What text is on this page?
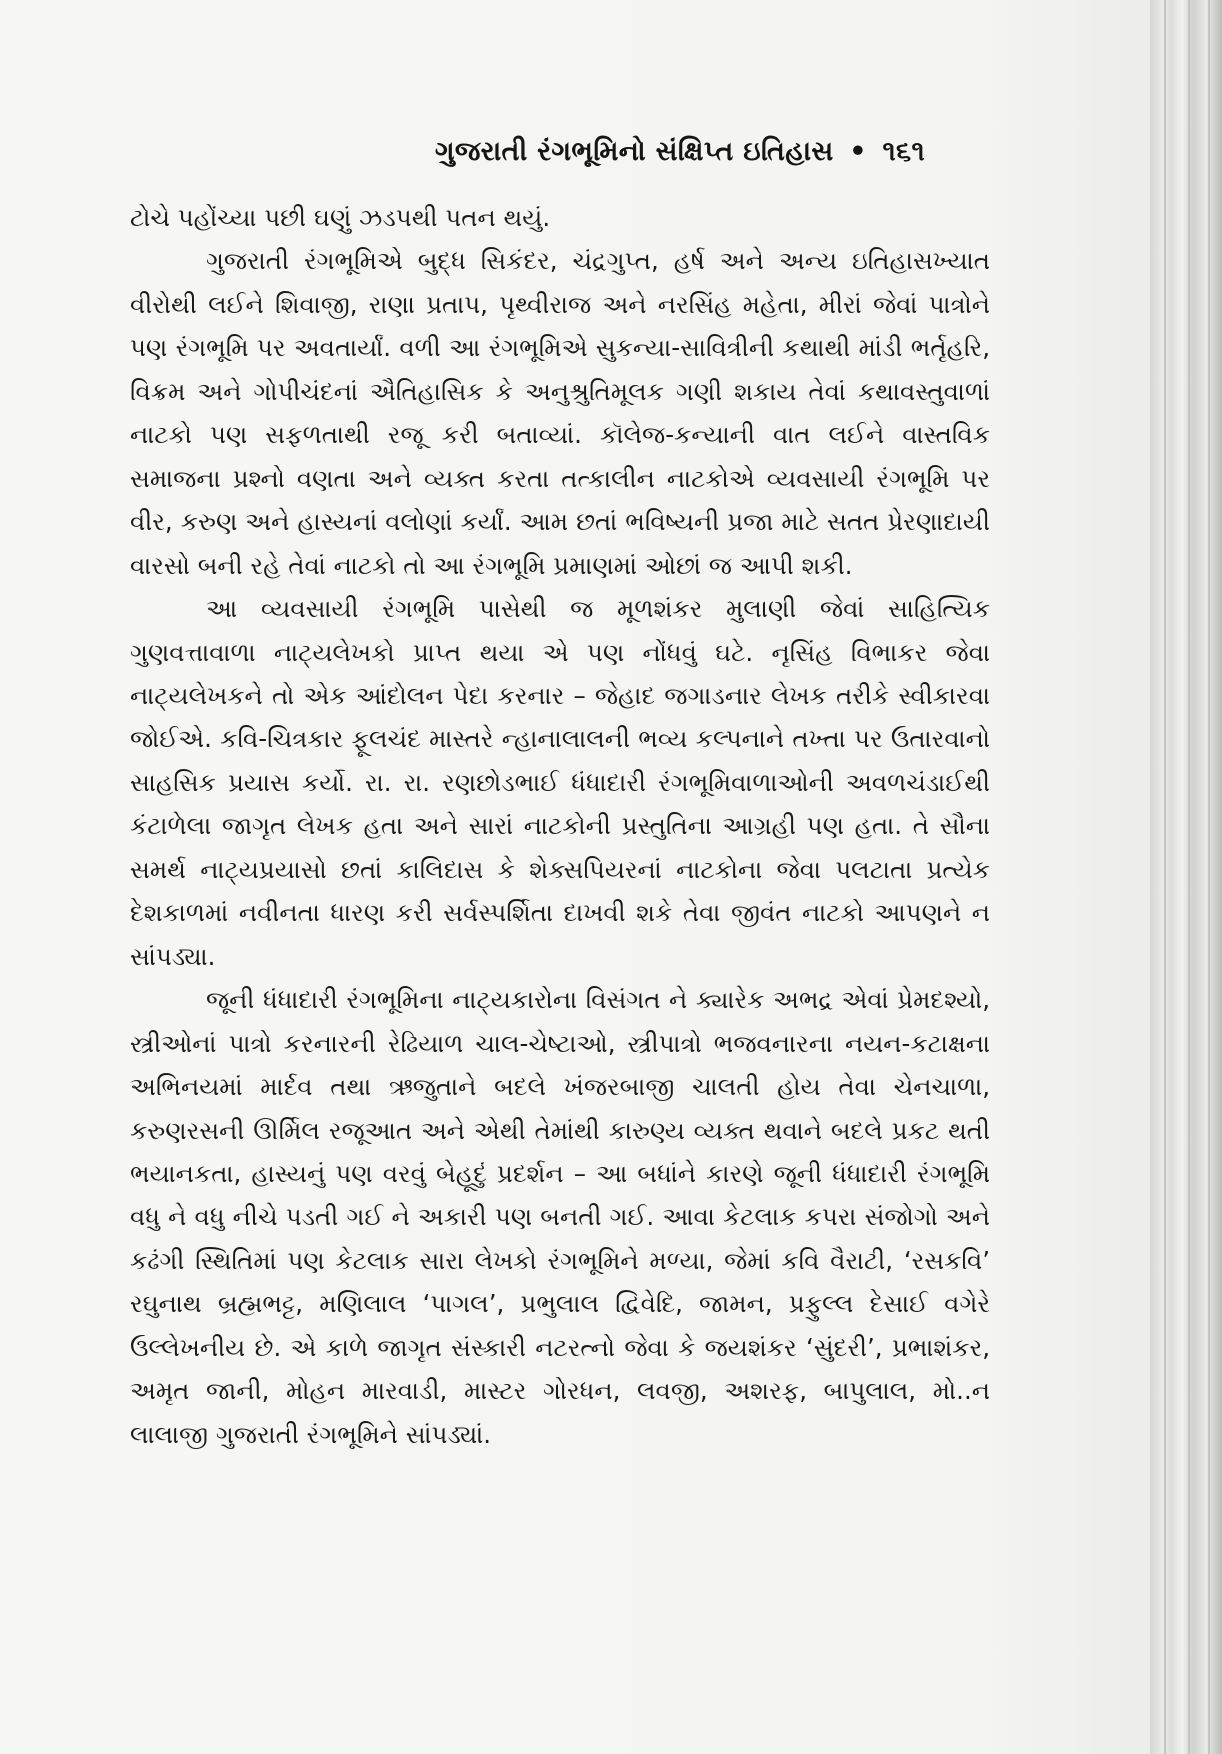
ગુજરાતી રંગભૂમિનો સંક્ષિપ્ત ઇતિહાસ • ૧૬૧

ટોચે પહોંચ્યા પછી ઘણું ઝડપથી પતન થયું.

ગુજરાતી રંગભૂમિએ બુદ્ધ સિકંદર, ચંદ્રગુપ્ત, હર્ષ અને અન્ય ઇતિહાસખ્યાત વીરોથી લઈને શિવાજી, રાણા પ્રતાપ, પૃથ્વીરાજ અને નરસિંહ મહેતા, મીરાં જેવાં પાત્રોને પણ રંગભૂમિ પર અવતાર્યાં. વળી આ રંગભૂમિએ સુકન્યા-સાવિત્રીની કથાથી માંડી ભર્તૃહરિ, વિક્રમ અને ગોપીચંદનાં ઐતિહાસિક કે અનુશ્રુતિમૂલક ગણી શકાય તેવાં કથાવસ્તુવાળાં નાટકો પણ સફળતાથી રજૂ કરી બતાવ્યાં. કૉલેજ-કન્યાની વાત લઈને વાસ્તવિક સમાજના પ્રશ્નો વણતા અને વ્યક્ત કરતા તત્કાલીન નાટકોએ વ્યવસાયી રંગભૂમિ પર વીર, કરુણ અને હાસ્યનાં વલોણાં કર્યાં. આમ છતાં ભવિષ્યની પ્રજા માટે સતત પ્રેરણાદાયી વારસો બની રહે તેવાં નાટકો તો આ રંગભૂમિ પ્રમાણમાં ઓછાં જ આપી શકી.

આ વ્યવસાયી રંગભૂમિ પાસેથી જ મૂળશંકર મુલાણી જેવાં સાહિત્યિક ગુણવત્તાવાળા નાટ્યલેખકો પ્રાપ્ત થયા એ પણ નોંધવું ઘટે. નૃસિંહ વિભાકર જેવા નાટ્યલેખકને તો એક આંદોલન પેદા કરનાર – જેહાદ જગાડનાર લેખક તરીકે સ્વીકારવા જોઈએ. કવિ-ચિત્રકાર ફૂલચંદ માસ્તરે ન્હાનાલાલની ભવ્ય કલ્પનાને તખ્તા પર ઉતારવાનો સાહસિક પ્રયાસ કર્યો. રા. રા. રણછોડભાઈ ધંધાદારી રંગભૂમિવાળાઓની અવળચંડાઈથી કંટાળેલા જાગૃત લેખક હતા અને સારાં નાટકોની પ્રસ્તુતિના આગ્રહી પણ હતા. તે સૌના સમર્થ નાટ્યપ્રયાસો છતાં કાલિદાસ કે શેક્સપિયરનાં નાટકોના જેવા પલટાતા પ્રત્યેક દેશકાળમાં નવીનતા ધારણ કરી સર્વસ્પર્શિતા દાખવી શકે તેવા જીવંત નાટકો આપણને ન સાંપડ્યા.

જૂની ધંધાદારી રંગભૂમિના નાટ્યકારોના વિસંગત ને ક્યારેક અભદ્ર એવાં પ્રેમદશ્યો, સ્ત્રીઓનાં પાત્રો કરનારની રેઢિયાળ ચાલ-ચેષ્ટાઓ, સ્ત્રીપાત્રો ભજવનારના નયન-કટાક્ષના અભિનયમાં માર્દવ તથા ઋજુતાને બદલે ખંજરબાજી ચાલતી હોય તેવા ચેનચાળા, કરુણરસની ઊર્મિલ રજૂઆત અને એથી તેમાંથી કારુણ્ય વ્યક્ત થવાને બદલે પ્રકટ થતી ભયાનકતા, હાસ્યનું પણ વરવું બેહૂદું પ્રદર્શન – આ બધાંને કારણે જૂની ધંધાદારી રંગભૂમિ વધુ ને વધુ નીચે પડતી ગઈ ને અકારી પણ બનતી ગઈ. આવા કેટલાક કપરા સંજોગો અને કઢંગી સ્થિતિમાં પણ કેટલાક સારા લેખકો રંગભૂમિને મળ્યા, જેમાં કવિ વૈરાટી, ‘રસકવિ’ રઘુનાથ બ્રહ્મભટ્ટ, મણિલાલ ‘પાગલ’, પ્રભુલાલ દ્વિવેદિ, જામન, પ્રફુલ્લ દેસાઈ વગેરે ઉલ્લેખનીય છે. એ કાળે જાગૃત સંસ્કારી નટરત્નો જેવા કે જયશંકર ‘સુંદરી’, પ્રભાશંકર, અમૃત જાની, મોહન મારવાડી, માસ્ટર ગોરધન, લવજી, અશરફ, બાપુલાલ, મો..ન લાલાજી ગુજરાતી રંગભૂમિને સાંપડ્યાં.
